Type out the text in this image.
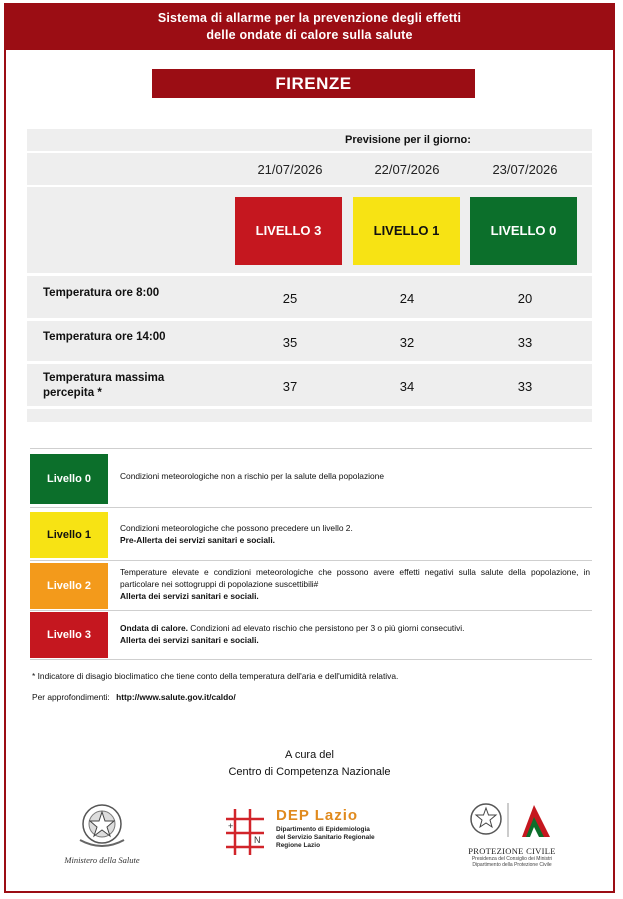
Sistema di allarme per la prevenzione degli effetti
delle ondate di calore sulla salute
FIRENZE
Previsione per il giorno:
21/07/2026	22/07/2026	23/07/2026
LIVELLO 3	LIVELLO 1	LIVELLO 0
Temperatura ore 8:00	25	24	20
Temperatura ore 14:00	35	32	33
Temperatura massima
percepita *	37	34	33
Livello 0	Condizioni meteorologiche non a rischio per la salute della popolazione
Livello 1
Condizioni meteorologiche che possono precedere un livello 2.
Pre-Allerta dei servizi sanitari e sociali.
Livello 2
Temperature elevate e condizioni meteorologiche che possono avere effetti negativi sulla salute della popolazione, in particolare nei sottogruppi di popolazione suscettibili#
Allerta dei servizi sanitari e sociali.
Livello 3
Ondata di calore. Condizioni ad elevato rischio che persistono per 3 o più giorni consecutivi.
Allerta dei servizi sanitari e sociali.
* Indicatore di disagio bioclimatico che tiene conto della temperatura dell'aria e dell'umidità relativa.
Per approfondimenti: http://www.salute.gov.it/caldo/
A cura del
Centro di Competenza Nazionale
Ministero della Salute
+
N
DEP Lazio
Dipartimento di Epidemiologia
del Servizio Sanitario Regionale
Regione Lazio
PROTEZIONE CIVILE
Presidenza del Consiglio dei Ministri
Dipartimento della Protezione Civile
